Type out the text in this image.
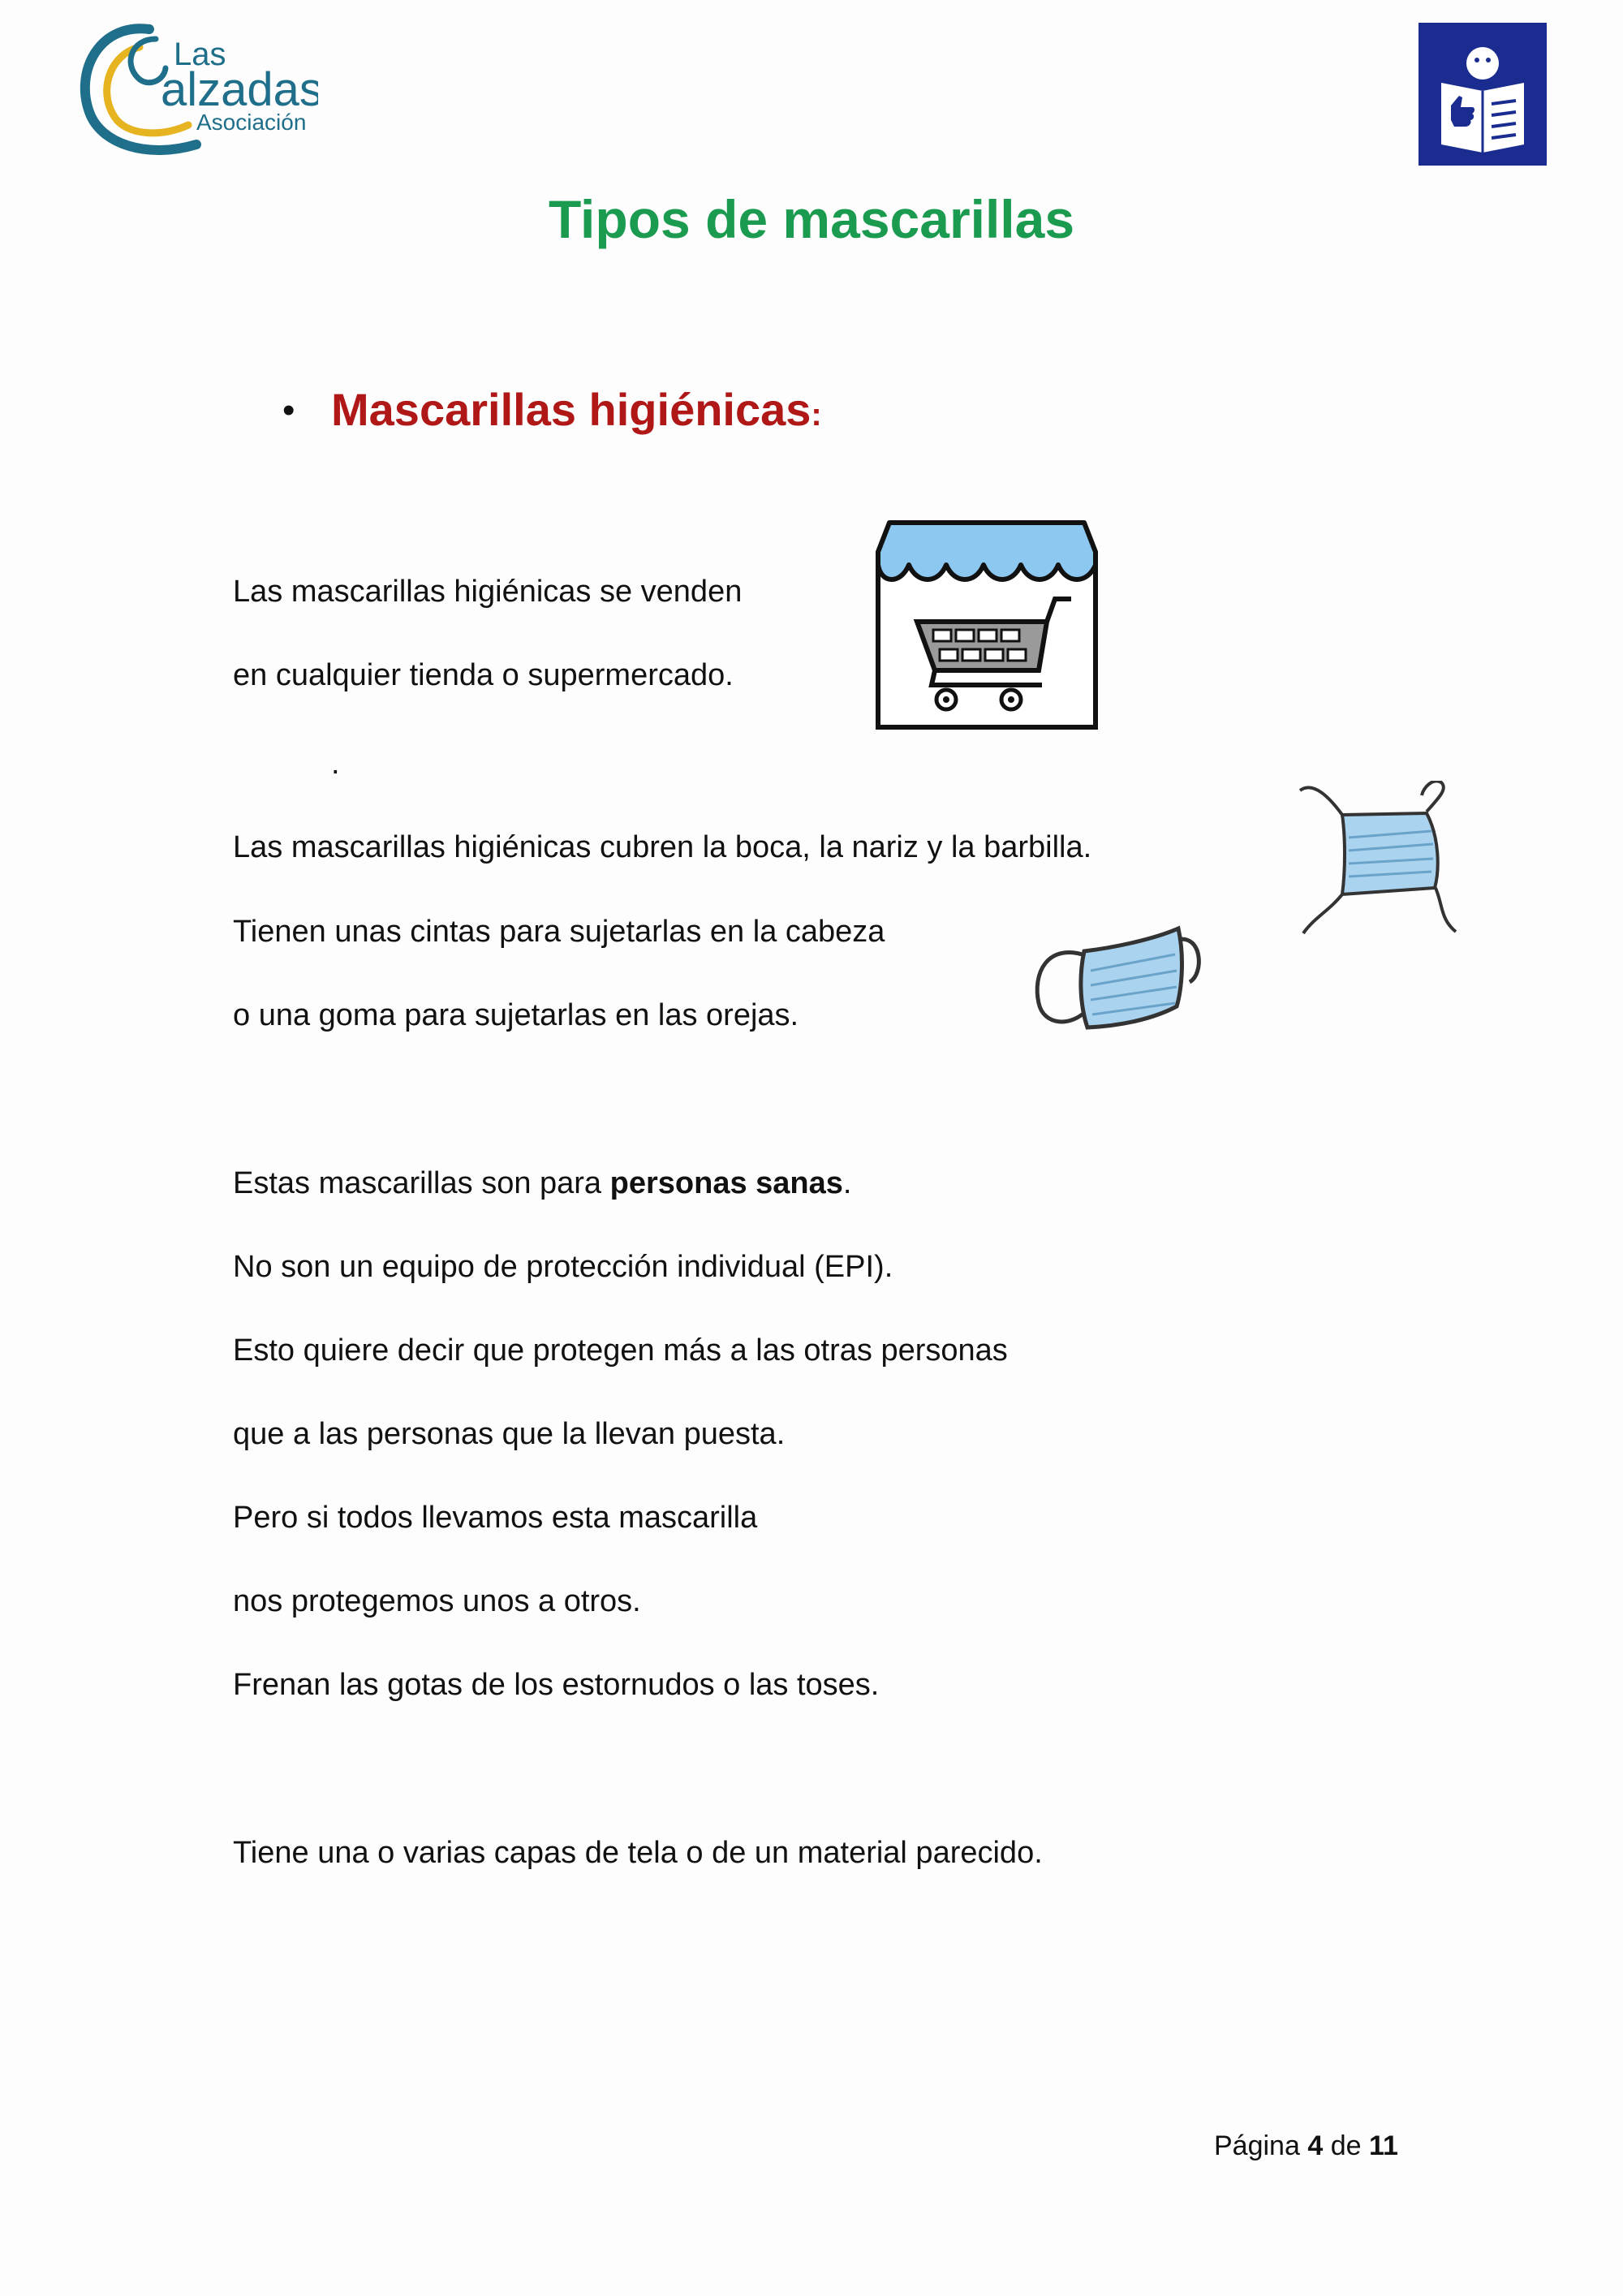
Las
alzadas
Asociación
Tipos de mascarillas
• Mascarillas higiénicas:
Las mascarillas higiénicas se venden
en cualquier tienda o supermercado.
.
Las mascarillas higiénicas cubren la boca, la nariz y la barbilla.
Tienen unas cintas para sujetarlas en la cabeza
o una goma para sujetarlas en las orejas.
Estas mascarillas son para personas sanas.
No son un equipo de protección individual (EPI).
Esto quiere decir que protegen más a las otras personas
que a las personas que la llevan puesta.
Pero si todos llevamos esta mascarilla
nos protegemos unos a otros.
Frenan las gotas de los estornudos o las toses.
Tiene una o varias capas de tela o de un material parecido.
Página 4 de 11
